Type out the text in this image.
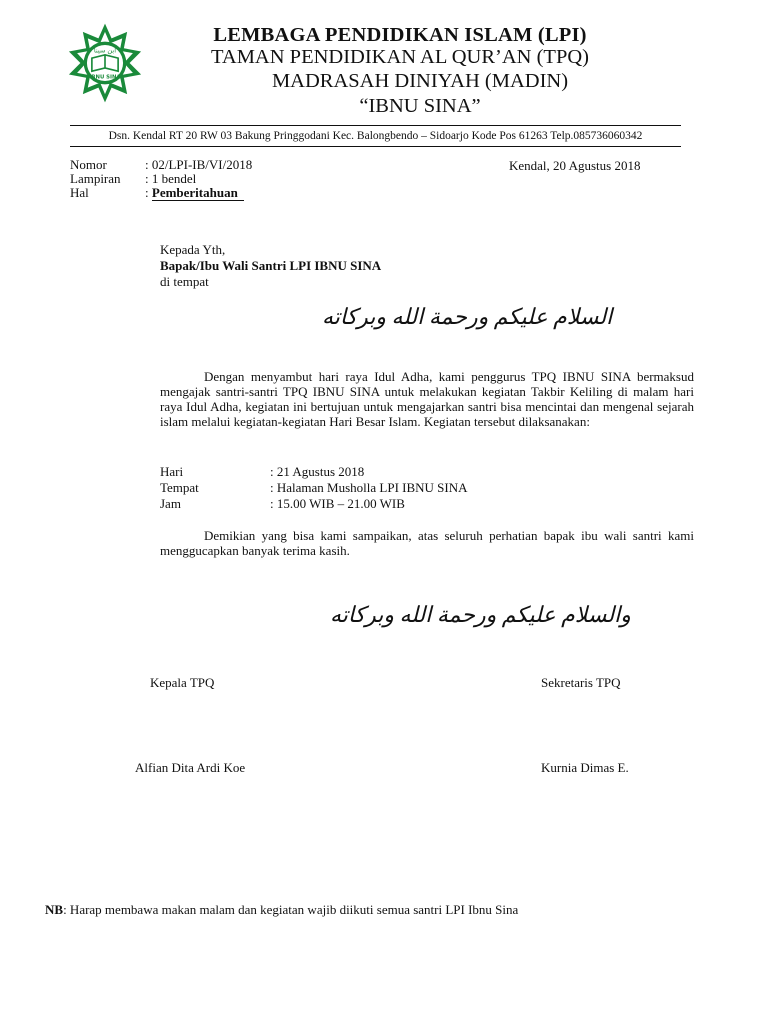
ابن سينا
IBNU SINA
LEMBAGA PENDIDIKAN ISLAM (LPI)
TAMAN PENDIDIKAN AL QUR’AN (TPQ)
MADRASAH DINIYAH (MADIN)
“IBNU SINA”
Dsn. Kendal RT 20 RW 03 Bakung Pringgodani Kec. Balongbendo – Sidoarjo Kode Pos 61263 Telp.085736060342
Nomor	: 02/LPI-IB/VI/2018
Lampiran : 1 bendel
Hal	: Pemberitahuan
Kendal, 20 Agustus 2018
Kepada Yth,
Bapak/Ibu Wali Santri LPI IBNU SINA
di tempat
السلام عليكم ورحمة الله وبركاته
Dengan menyambut hari raya Idul Adha, kami penggurus TPQ IBNU SINA bermaksud mengajak santri-santri TPQ IBNU SINA untuk melakukan kegiatan Takbir Keliling di malam hari raya Idul Adha, kegiatan ini bertujuan untuk mengajarkan santri bisa mencintai dan mengenal sejarah islam melalui kegiatan-kegiatan Hari Besar Islam. Kegiatan tersebut dilaksanakan:
Hari	: 21 Agustus 2018
Tempat	: Halaman Musholla LPI IBNU SINA
Jam	: 15.00 WIB – 21.00 WIB
Demikian yang bisa kami sampaikan, atas seluruh perhatian bapak ibu wali santri kami menggucapkan banyak terima kasih.
والسلام عليكم ورحمة الله وبركاته
Kepala TPQ	Sekretaris TPQ
Alfian Dita Ardi Koe	Kurnia Dimas E.
NB: Harap membawa makan malam dan kegiatan wajib diikuti semua santri LPI Ibnu Sina
